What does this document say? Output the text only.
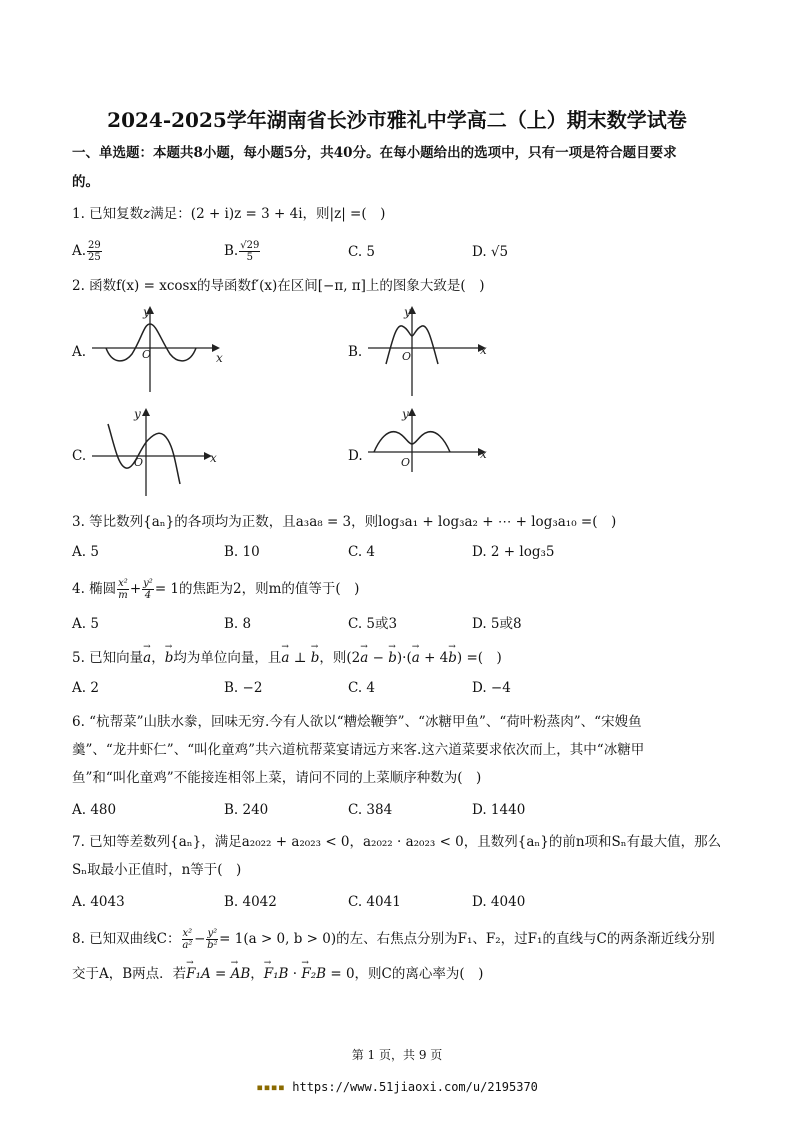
2024-2025学年湖南省长沙市雅礼中学高二（上）期末数学试卷
一、单选题：本题共8小题，每小题5分，共40分。在每小题给出的选项中，只有一项是符合题目要求
的。
1. 已知复数z满足：(2 + i)z = 3 + 4i，则|z| =(　)
A. $\frac{29}{25}$	B. $\frac{√29}{5}$	C. 5	D. √5
2. 函数f(x) = xcosx的导函数f′(x)在区间[−π, π]上的图象大致是(　)
A.	O	x
y
B.	O	x
y
C.	O	x
y
D.	O
x
y
3. 等比数列{aₙ}的各项均为正数，且a₃a₈ = 3，则log₃a₁ + log₃a₂ + ⋯ + log₃a₁₀ =(　)
A. 5	B. 10	C. 4	D. 2 + log₃5
4. 椭圆 $\frac{\text{x²}}{m} + \frac{\text{y²}}{4} = 1$的焦距为2，则m的值等于(　)
A. 5	B. 8	C. 5或3	D. 5或8
5. 已知向量→ a，→ b均为单位向量，且→ a ⊥ → b，则(2→ a − → b)·(→ a + 4→ b) =(　)
A. 2	B. −2	C. 4	D. −4
6. “杭帮菜”山肤水豢，回味无穷.今有人欲以“糟烩鞭笋”、“冰糖甲鱼”、“荷叶粉蒸肉”、“宋嫂鱼
羹”、“龙井虾仁”、“叫化童鸡”共六道杭帮菜宴请远方来客.这六道菜要求依次而上，其中“冰糖甲
鱼”和“叫化童鸡”不能接连相邻上菜，请问不同的上菜顺序种数为(　)
A. 480	B. 240	C. 384	D. 1440
7. 已知等差数列{aₙ}，满足a₂₀₂₂ + a₂₀₂₃ < 0，a₂₀₂₂ · a₂₀₂₃ < 0，且数列{aₙ}的前n项和Sₙ有最大值，那么
Sₙ取最小正值时，n等于(　)
A. 4043	B. 4042	C. 4041	D. 4040
8. 已知双曲线C： $\frac{\text{x²}}{\text{a²}} - \frac{\text{y²}}{\text{b²}} = 1(a > 0$, b > 0)的左、右焦点分别为F₁、F₂，过F₁的直线与C的两条渐近线分别
交于A，B两点．若→ F₁A = → AB，→ F₁B · → F₂B = 0，则C的离心率为(　)
第 1 页，共 9 页
▪▪▪▪ https://www.51jiaoxi.com/u/2195370
